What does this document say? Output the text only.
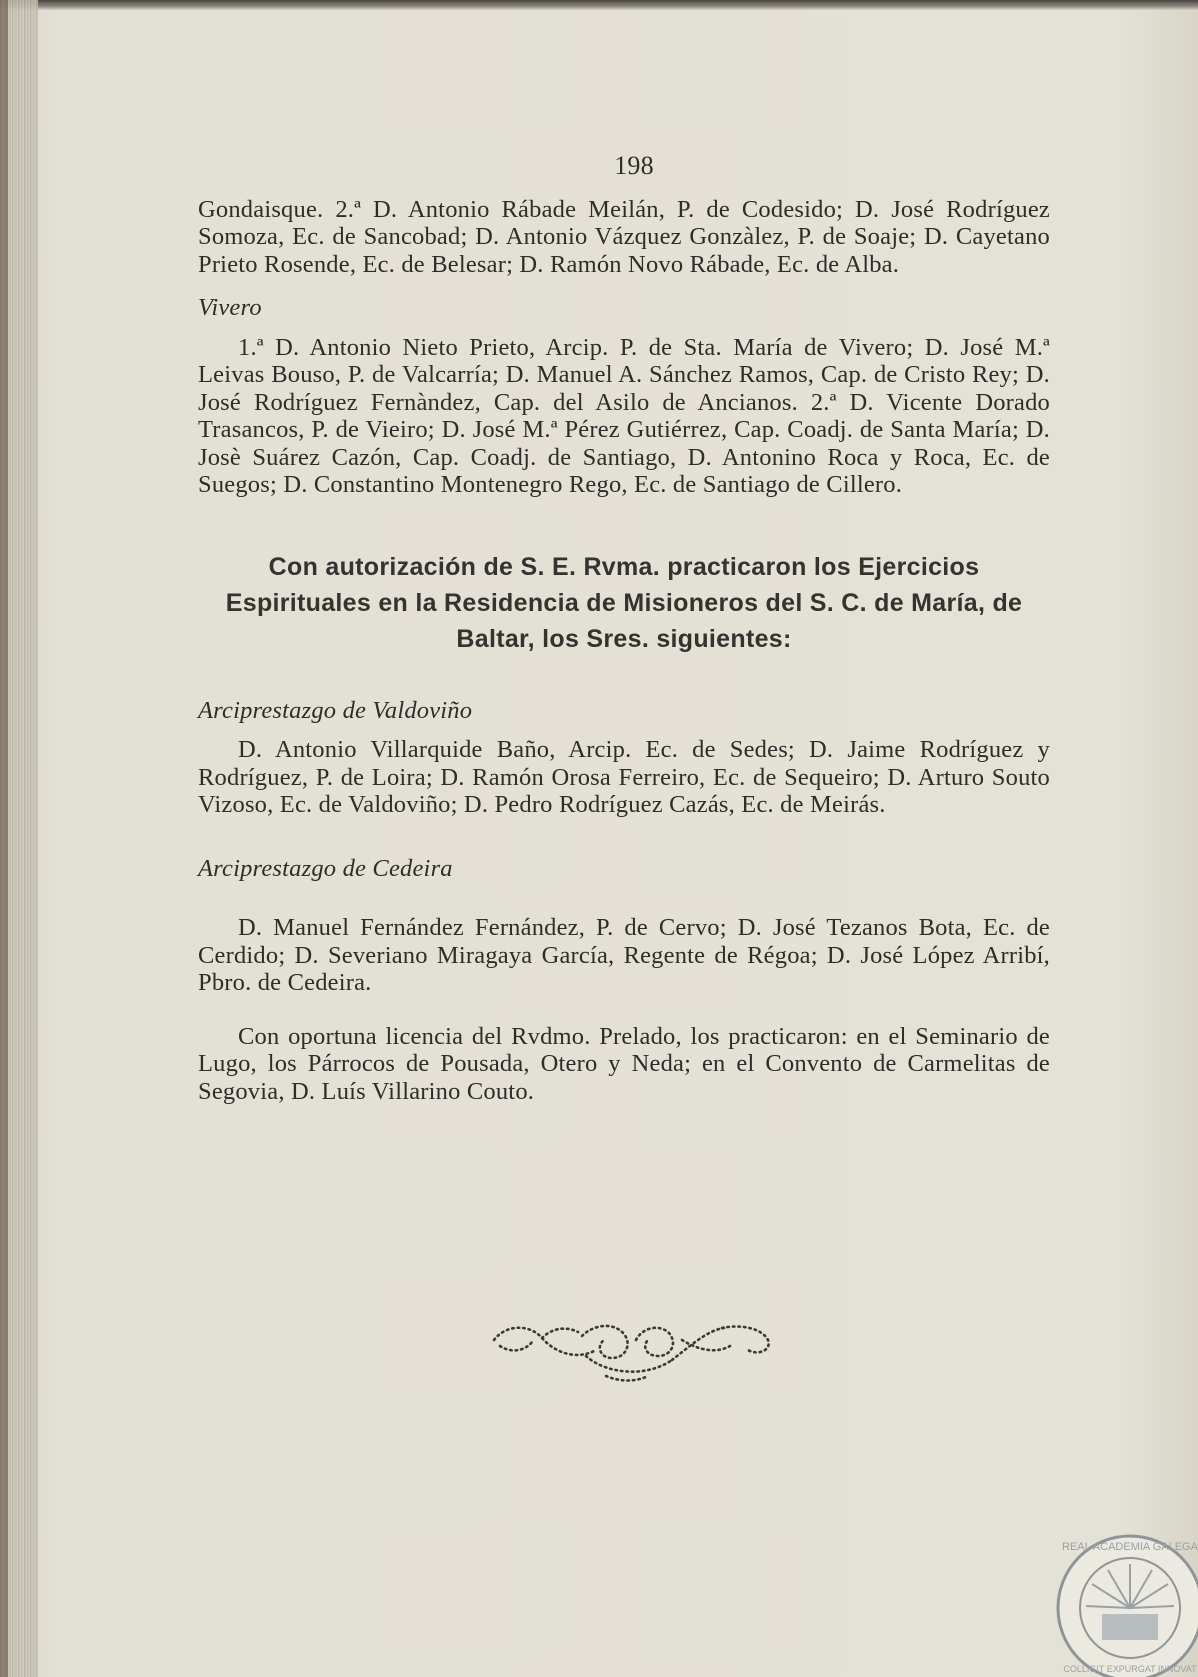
198

Gondaisque. 2.ª D. Antonio Rábade Meilán, P. de Codesido; D. José Rodríguez Somoza, Ec. de Sancobad; D. Antonio Vázquez Gonzàlez, P. de Soaje; D. Cayetano Prieto Rosende, Ec. de Belesar; D. Ramón Novo Rábade, Ec. de Alba.

Vivero

1.ª D. Antonio Nieto Prieto, Arcip. P. de Sta. María de Vivero; D. José M.ª Leivas Bouso, P. de Valcarría; D. Manuel A. Sánchez Ramos, Cap. de Cristo Rey; D. José Rodríguez Fernàndez, Cap. del Asilo de Ancianos. 2.ª D. Vicente Dorado Trasancos, P. de Vieiro; D. José M.ª Pérez Gutiérrez, Cap. Coadj. de Santa María; D. Josè Suárez Cazón, Cap. Coadj. de Santiago, D. Antonino Roca y Roca, Ec. de Suegos; D. Constantino Montenegro Rego, Ec. de Santiago de Cillero.

Con autorización de S. E. Rvma. practicaron los Ejercicios Espirituales en la Residencia de Misioneros del S. C. de María, de Baltar, los Sres. siguientes:
Arciprestazgo de Valdoviño

D. Antonio Villarquide Baño, Arcip. Ec. de Sedes; D. Jaime Rodríguez y Rodríguez, P. de Loira; D. Ramón Orosa Ferreiro, Ec. de Sequeiro; D. Arturo Souto Vizoso, Ec. de Valdoviño; D. Pedro Rodríguez Cazás, Ec. de Meirás.

Arciprestazgo de Cedeira

D. Manuel Fernández Fernández, P. de Cervo; D. José Tezanos Bota, Ec. de Cerdido; D. Severiano Miragaya García, Regente de Régoa; D. José López Arribí, Pbro. de Cedeira.

Con oportuna licencia del Rvdmo. Prelado, los practicaron: en el Seminario de Lugo, los Párrocos de Pousada, Otero y Neda; en el Convento de Carmelitas de Segovia, D. Luís Villarino Couto.

REAL ACADEMIA GALEGA
COLLIGIT EXPURGAT INNOVAT
